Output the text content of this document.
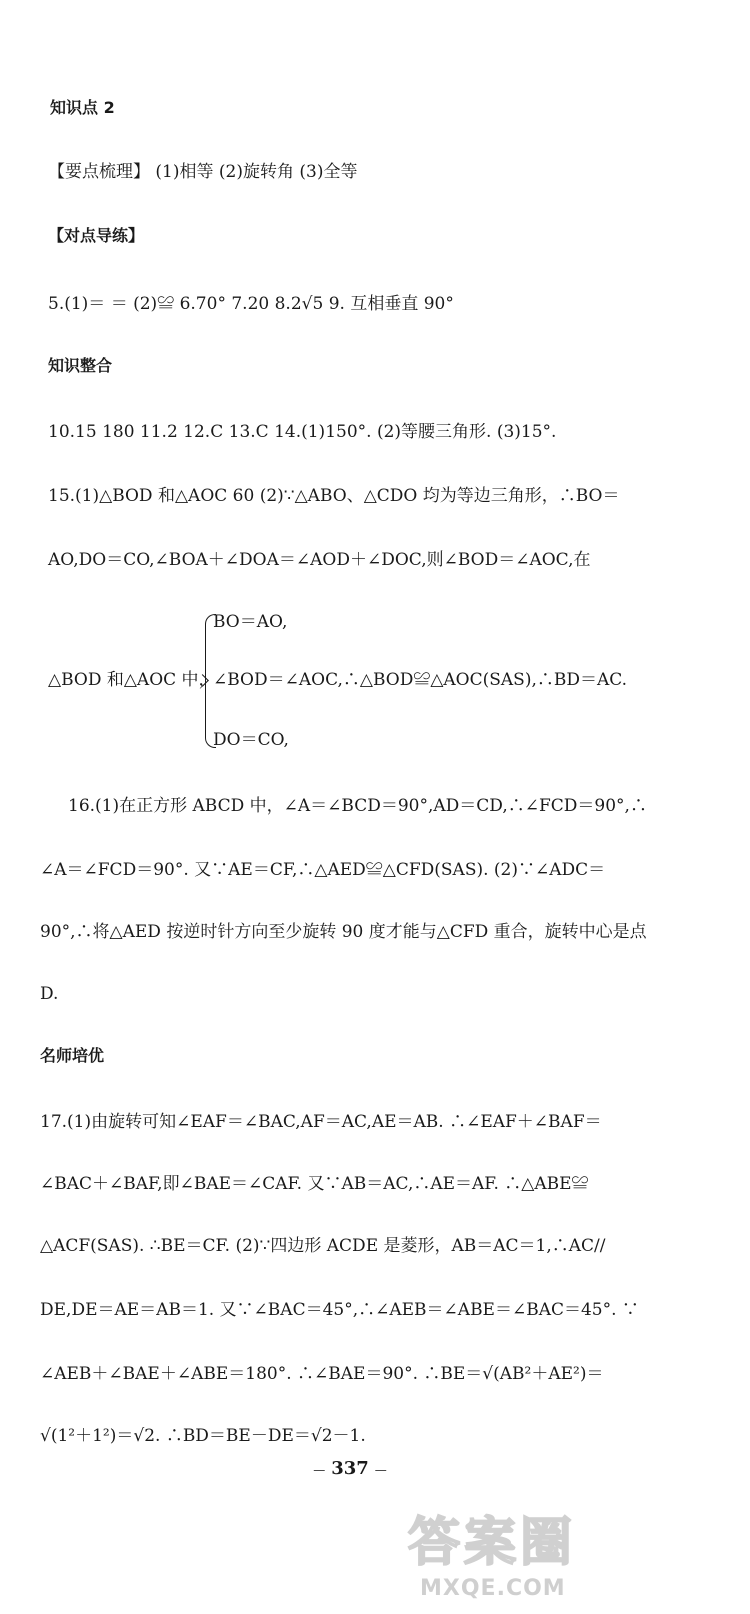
知识点 2
【要点梳理】 (1)相等 (2)旋转角 (3)全等
【对点导练】
5.(1)＝ ＝ (2)≌ 6.70° 7.20 8.2√5 9. 互相垂直 90°
知识整合
10.15 180 11.2 12.C 13.C 14.(1)150°. (2)等腰三角形. (3)15°.
15.(1)△BOD 和△AOC 60 (2)∵△ABO、△CDO 均为等边三角形，∴BO＝
AO,DO＝CO,∠BOA＋∠DOA＝∠AOD＋∠DOC,则∠BOD＝∠AOC,在
BO＝AO,
△BOD 和△AOC 中，
∠BOD＝∠AOC,∴△BOD≌△AOC(SAS),∴BD＝AC.
DO＝CO,
16.(1)在正方形 ABCD 中，∠A＝∠BCD＝90°,AD＝CD,∴∠FCD＝90°,∴
∠A＝∠FCD＝90°. 又∵AE＝CF,∴△AED≌△CFD(SAS). (2)∵∠ADC＝
90°,∴将△AED 按逆时针方向至少旋转 90 度才能与△CFD 重合，旋转中心是点
D.
名师培优
17.(1)由旋转可知∠EAF＝∠BAC,AF＝AC,AE＝AB. ∴∠EAF＋∠BAF＝
∠BAC＋∠BAF,即∠BAE＝∠CAF. 又∵AB＝AC,∴AE＝AF. ∴△ABE≌
△ACF(SAS). ∴BE＝CF. (2)∵四边形 ACDE 是菱形，AB＝AC＝1,∴AC//
DE,DE＝AE＝AB＝1. 又∵∠BAC＝45°,∴∠AEB＝∠ABE＝∠BAC＝45°. ∵
∠AEB＋∠BAE＋∠ABE＝180°. ∴∠BAE＝90°. ∴BE＝√(AB²＋AE²)＝
√(1²＋1²)＝√2. ∴BD＝BE－DE＝√2－1.
— 337 —
答案圈
MXQE.COM
